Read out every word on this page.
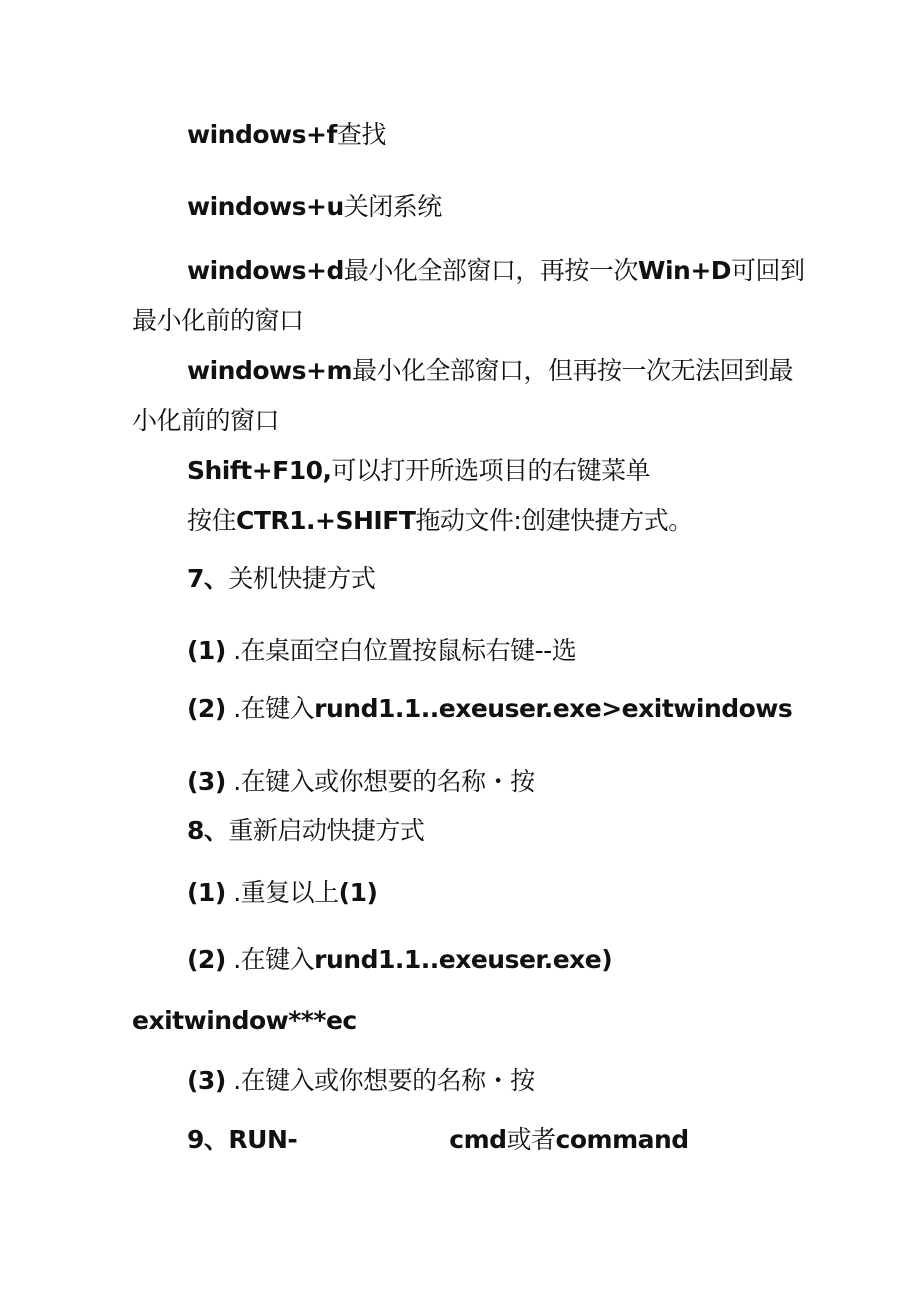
windows+f查找
windows+u关闭系统
windows+d最小化全部窗口，再按一次Win+D可回到
最小化前的窗口
windows+m最小化全部窗口，但再按一次无法回到最
小化前的窗口
Shift+F10,可以打开所选项目的右键菜单
按住CTR1.+SHIFT拖动文件:创建快捷方式。
7、关机快捷方式
(1) .在桌面空白位置按鼠标右键--选
(2) .在键入rund1.1..exeuser.exe>exitwindows
(3) .在键入或你想要的名称・按
8、重新启动快捷方式
(1) .重复以上(1)
(2) .在键入rund1.1..exeuser.exe)
exitwindow***ec
(3) .在键入或你想要的名称・按
9、RUN-	cmd或者command
